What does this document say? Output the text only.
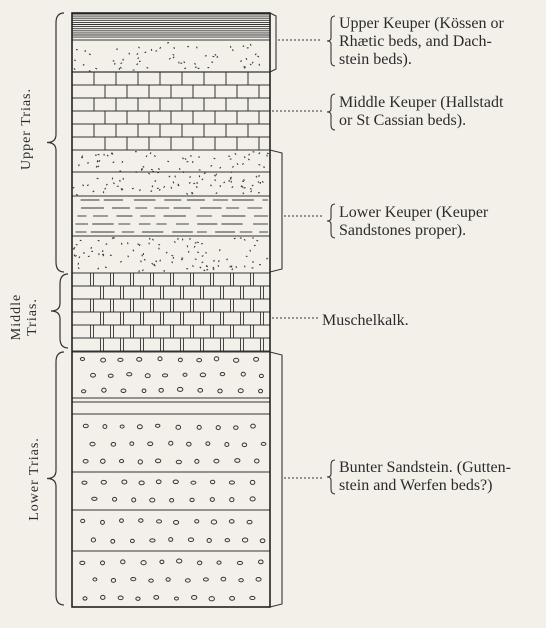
Upper Trias.
Middle Trias.
Lower Trias.

Upper Keuper (Kössen or
Rhætic beds, and Dach-
stein beds).

Middle Keuper (Hallstadt
or St Cassian beds).

Lower Keuper (Keuper
Sandstones proper).

Muschelkalk.

Bunter Sandstein. (Gutten-
stein and Werfen beds?)
